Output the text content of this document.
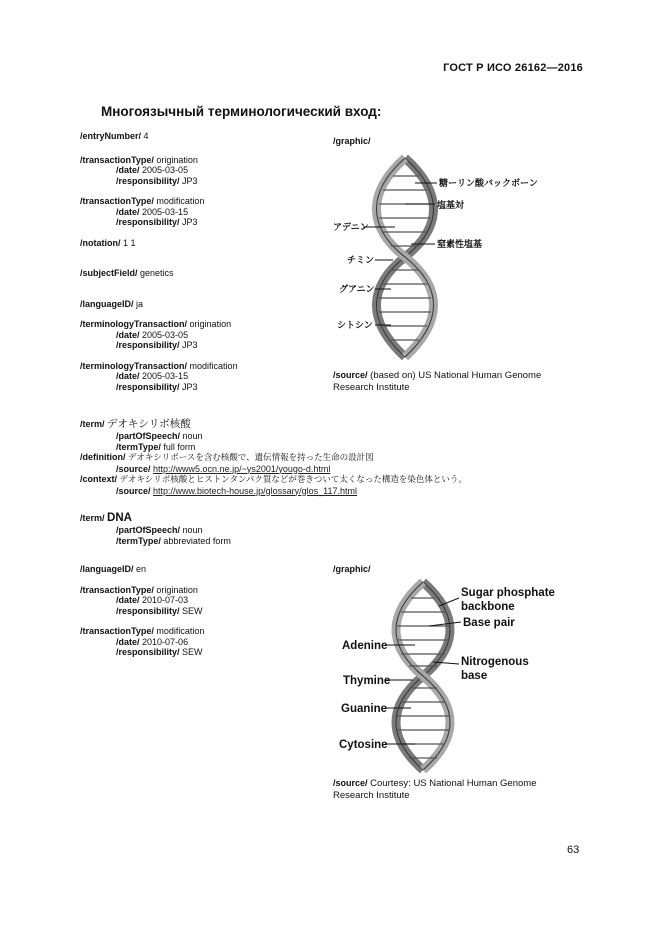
ГОСТ Р ИСО 26162—2016
Многоязычный терминологический вход:
/entryNumber/ 4
/transactionType/ origination
/date/ 2005-03-05
/responsibility/ JP3
/transactionType/ modification
/date/ 2005-03-15
/responsibility/ JP3
/notation/ 1 1
/subjectField/ genetics
/languageID/ ja
/terminologyTransaction/ origination
/date/ 2005-03-05
/responsibility/ JP3
/terminologyTransaction/ modification
/date/ 2005-03-15
/responsibility/ JP3
/term/ デオキシリボ核酸
/partOfSpeech/ noun
/termType/ full form
/definition/ デオキシリボースを含む核酸で、遺伝情報を持った生命の設計図
/source/ http://www5.ocn.ne.jp/~ys2001/yougo-d.html
/context/ デオキシリボ核酸とヒストンタンパク質などが巻きついて太くなった構造を染色体という。
/source/ http://www.biotech-house.jp/glossary/glos_117.html
/term/ DNA
/partOfSpeech/ noun
/termType/ abbreviated form
/languageID/ en
/transactionType/ origination
/date/ 2010-07-03
/responsibility/ SEW
/transactionType/ modification
/date/ 2010-07-06
/responsibility/ SEW
/graphic/
糖ーリン酸バックボーン
塩基対
アデニン
窒素性塩基
チミン
グアニン
シトシン
/source/ (based on) US National Human Genome Research Institute
/graphic/
Sugar phosphate
backbone
Base pair
Adenine
Nitrogenous
base
Thymine
Guanine
Cytosine
/source/ Courtesy: US National Human Genome Research Institute
63
